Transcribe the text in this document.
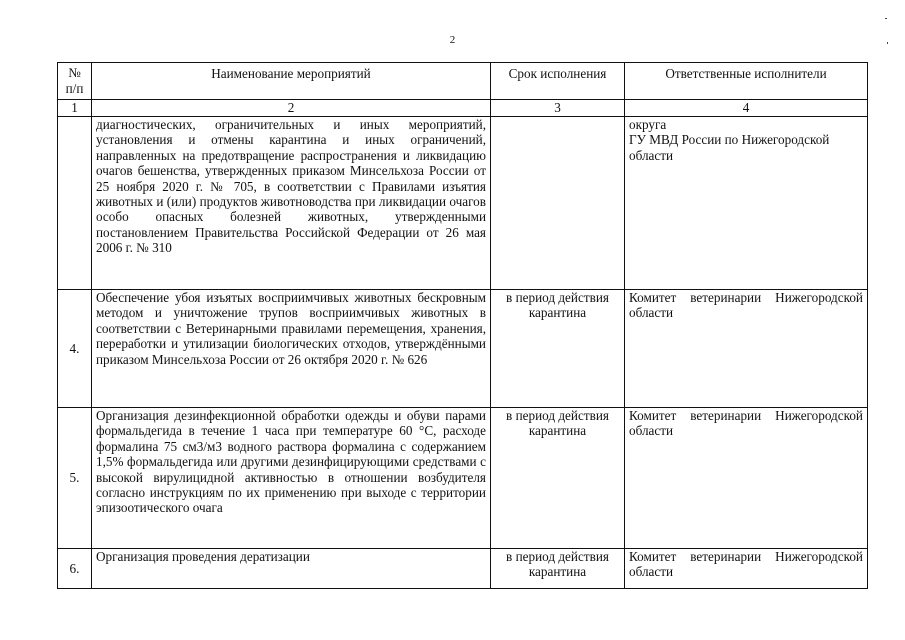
2
№
п/п	Наименование мероприятий	Срок исполнения	Ответственные исполнители
1	2	3	4
	диагностических, ограничительных и иных мероприятий, установления и отмены карантина и иных ограничений, направленных на предотвращение распространения и ликвидацию очагов бешенства, утвержденных приказом Минсельхоза России от 25 ноября 2020 г. № 705, в соответствии с Правилами изъятия животных и (или) продуктов животноводства при ликвидации очагов особо опасных болезней животных, утвержденными постановлением Правительства Российской Федерации от 26 мая 2006 г. № 310		округа
ГУ МВД России по Нижегородской области
4.	Обеспечение убоя изъятых восприимчивых животных бескровным методом и уничтожение трупов восприимчивых животных в соответствии с Ветеринарными правилами перемещения, хранения, переработки и утилизации биологических отходов, утверждёнными приказом Минсельхоза России от 26 октября 2020 г. № 626	в период действия карантина	Комитет ветеринарии Нижегородской области
5.	Организация дезинфекционной обработки одежды и обуви парами формальдегида в течение 1 часа при температуре 60 °С, расходе формалина 75 см3/м3 водного раствора формалина с содержанием 1,5% формальдегида или другими дезинфицирующими средствами с высокой вирулицидной активностью в отношении возбудителя согласно инструкциям по их применению при выходе с территории эпизоотического очага	в период действия карантина	Комитет ветеринарии Нижегородской области
6.	Организация проведения дератизации	в период действия карантина	Комитет ветеринарии Нижегородской области
